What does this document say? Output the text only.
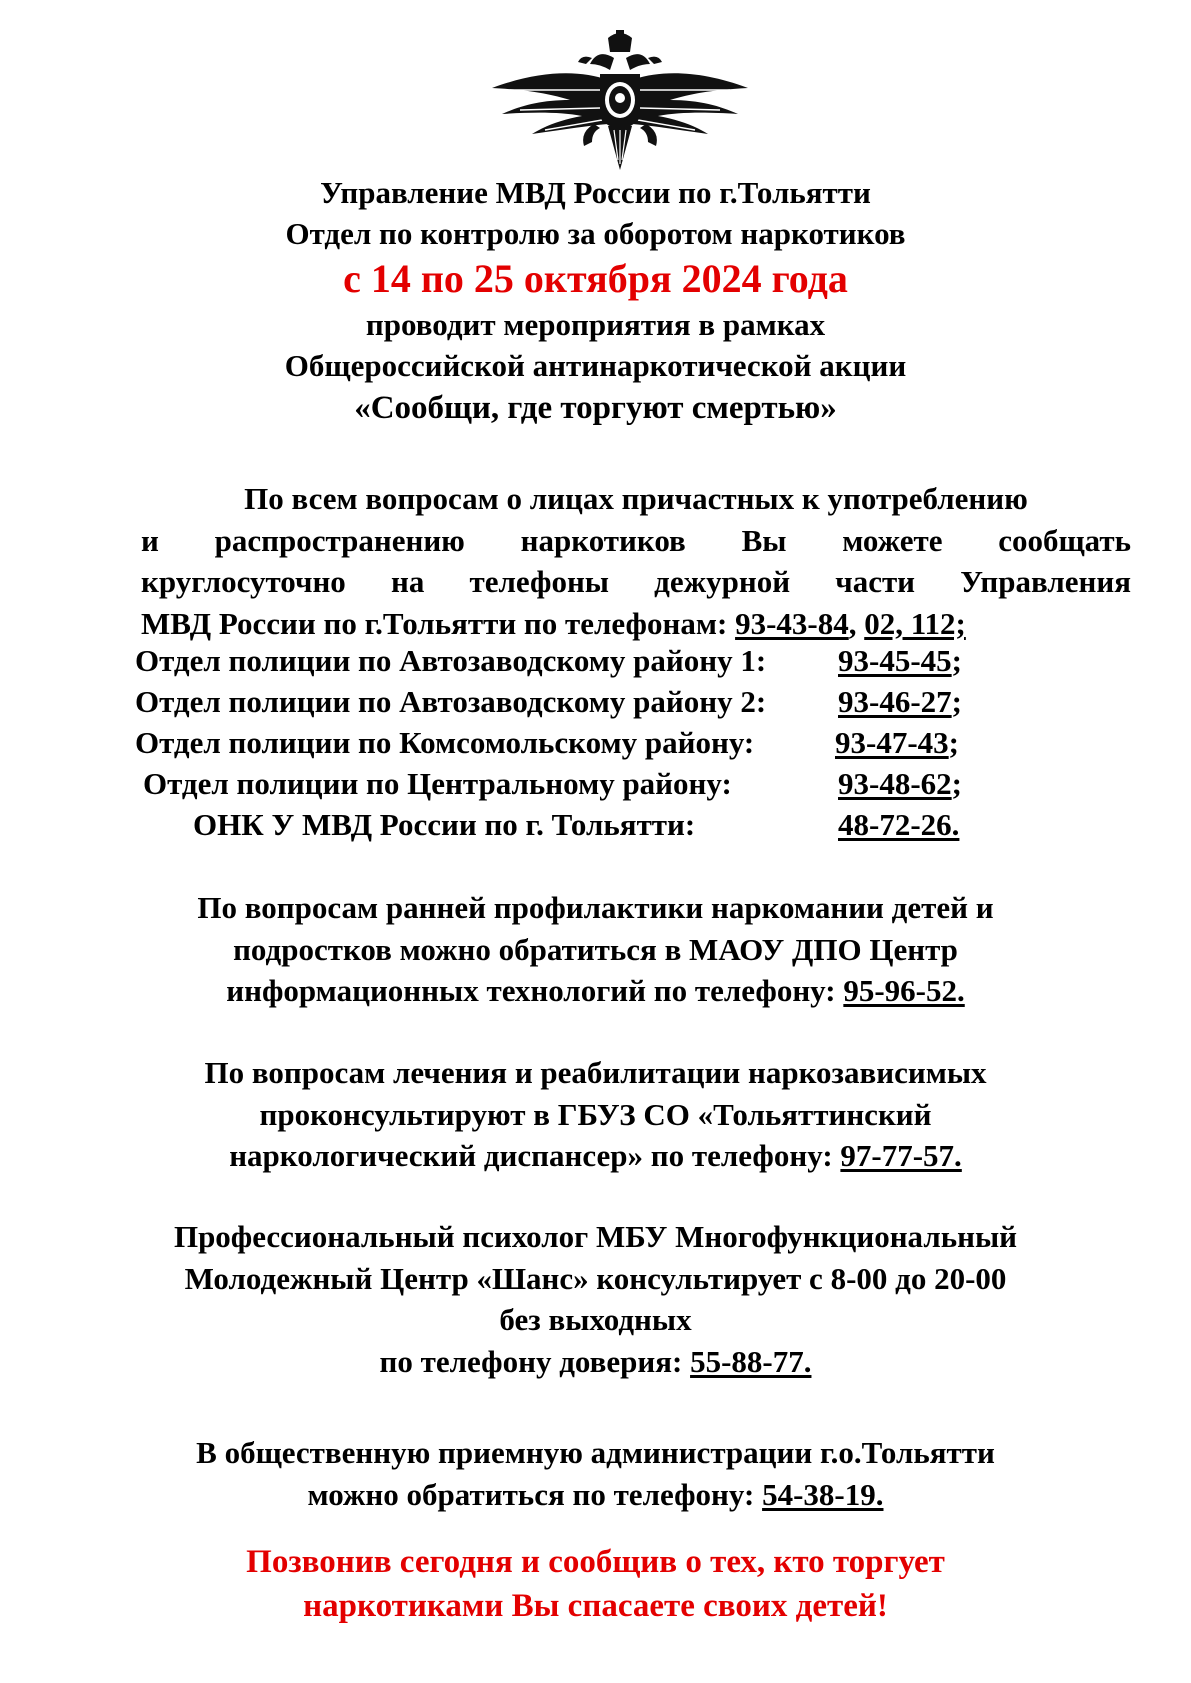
Управление МВД России по г.Тольятти
Отдел по контролю за оборотом наркотиков
с 14 по 25 октября 2024 года
проводит мероприятия в рамках
Общероссийской антинаркотической акции
«Сообщи, где торгуют смертью»
По всем вопросам о лицах причастных к употреблению
и распространению наркотиков Вы можете сообщать
круглосуточно на телефоны дежурной части Управления
МВД России по г.Тольятти по телефонам: 93-43-84, 02, 112;
Отдел полиции по Автозаводскому району 1: 93-45-45;
Отдел полиции по Автозаводскому району 2: 93-46-27;
Отдел полиции по Комсомольскому району:	93-47-43;
Отдел полиции по Центральному району:	93-48-62;
ОНК У МВД России по г. Тольятти:	48-72-26.
По вопросам ранней профилактики наркомании детей и
подростков можно обратиться в МАОУ ДПО Центр
информационных технологий по телефону: 95-96-52.
По вопросам лечения и реабилитации наркозависимых
проконсультируют в ГБУЗ СО «Тольяттинский
наркологический диспансер» по телефону: 97-77-57.
Профессиональный психолог МБУ Многофункциональный
Молодежный Центр «Шанс» консультирует с 8-00 до 20-00
без выходных
по телефону доверия: 55-88-77.
В общественную приемную администрации г.о.Тольятти
можно обратиться по телефону: 54-38-19.
Позвонив сегодня и сообщив о тех, кто торгует
наркотиками Вы спасаете своих детей!
